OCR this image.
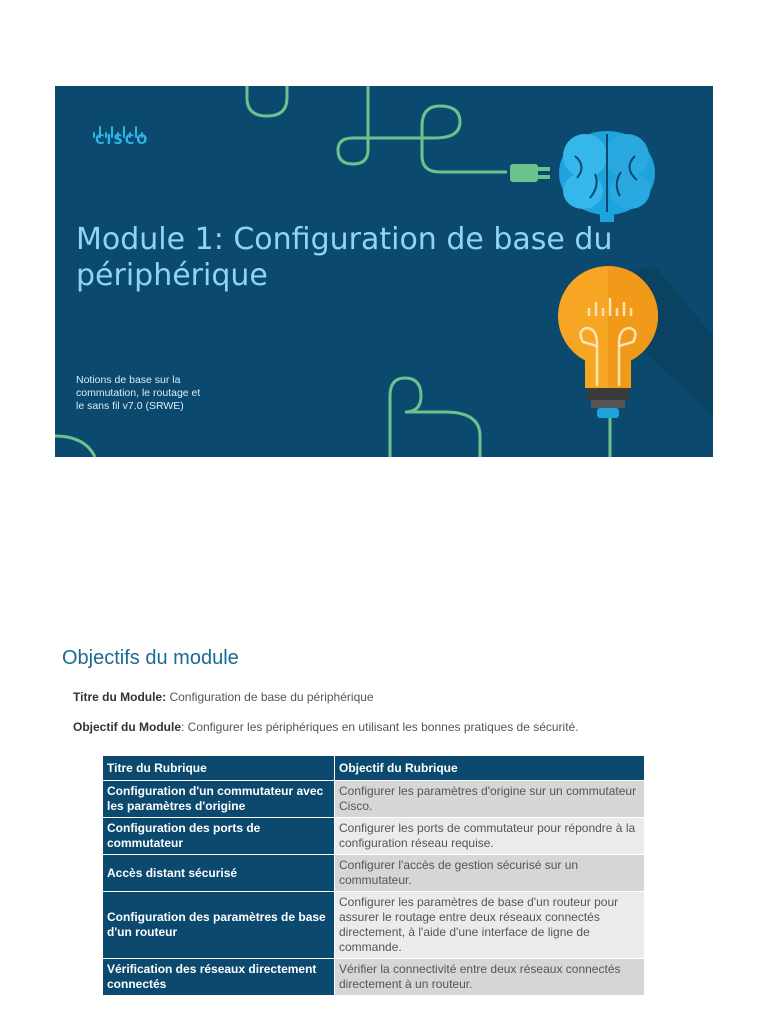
CISCO
Module 1: Configuration de base du périphérique
Notions de base sur la
commutation, le routage et
le sans fil v7.0 (SRWE)
Objectifs du module
Titre du Module: Configuration de base du périphérique
Objectif du Module: Configurer les périphériques en utilisant les bonnes pratiques de sécurité.
Titre du Rubrique	Objectif du Rubrique
Configuration d'un commutateur avec les paramètres d'origine	Configurer les paramètres d'origine sur un commutateur Cisco.
Configuration des ports de commutateur	Configurer les ports de commutateur pour répondre à la configuration réseau requise.
Accès distant sécurisé	Configurer l'accès de gestion sécurisé sur un commutateur.
Configuration des paramètres de base d'un routeur	Configurer les paramètres de base d'un routeur pour assurer le routage entre deux réseaux connectés directement, à l'aide d'une interface de ligne de commande.
Vérification des réseaux directement connectés	Vérifier la connectivité entre deux réseaux connectés directement à un routeur.
